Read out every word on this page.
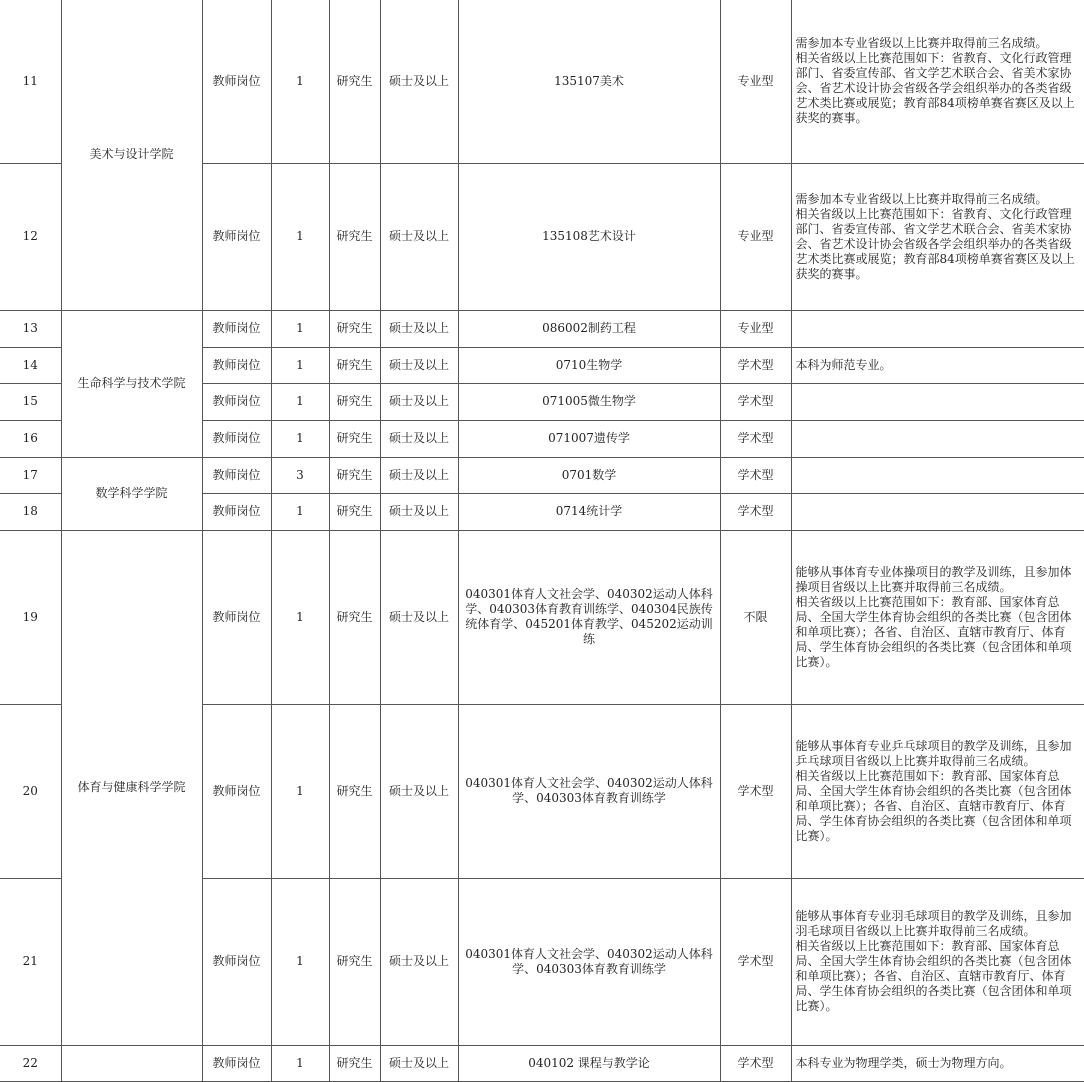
11	美术与设计学院	教师岗位	1	研究生	硕士及以上	135107美术	专业型	需参加本专业省级以上比赛并取得前三名成绩。
相关省级以上比赛范围如下：省教育、文化行政管理部门、省委宣传部、省文学艺术联合会、省美术家协会、省艺术设计协会省级各学会组织举办的各类省级艺术类比赛或展览；教育部84项榜单赛省赛区及以上获奖的赛事。
12		教师岗位	1	研究生	硕士及以上	135108艺术设计	专业型	需参加本专业省级以上比赛并取得前三名成绩。
相关省级以上比赛范围如下：省教育、文化行政管理部门、省委宣传部、省文学艺术联合会、省美术家协会、省艺术设计协会省级各学会组织举办的各类省级艺术类比赛或展览；教育部84项榜单赛省赛区及以上获奖的赛事。
13	生命科学与技术学院	教师岗位	1	研究生	硕士及以上	086002制药工程	专业型	
14		教师岗位	1	研究生	硕士及以上	0710生物学	学术型	本科为师范专业。
15		教师岗位	1	研究生	硕士及以上	071005微生物学	学术型	
16		教师岗位	1	研究生	硕士及以上	071007遗传学	学术型	
17	数学科学学院	教师岗位	3	研究生	硕士及以上	0701数学	学术型	
18		教师岗位	1	研究生	硕士及以上	0714统计学	学术型	
19	体育与健康科学学院	教师岗位	1	研究生	硕士及以上	040301体育人文社会学、040302运动人体科学、040303体育教育训练学、040304民族传统体育学、045201体育教学、045202运动训练	不限	能够从事体育专业体操项目的教学及训练，且参加体操项目省级以上比赛并取得前三名成绩。
相关省级以上比赛范围如下：教育部、国家体育总局、全国大学生体育协会组织的各类比赛（包含团体和单项比赛）；各省、自治区、直辖市教育厅、体育局、学生体育协会组织的各类比赛（包含团体和单项比赛）。
20		教师岗位	1	研究生	硕士及以上	040301体育人文社会学、040302运动人体科学、040303体育教育训练学	学术型	能够从事体育专业乒乓球项目的教学及训练，且参加乒乓球项目省级以上比赛并取得前三名成绩。
相关省级以上比赛范围如下：教育部、国家体育总局、全国大学生体育协会组织的各类比赛（包含团体和单项比赛）；各省、自治区、直辖市教育厅、体育局、学生体育协会组织的各类比赛（包含团体和单项比赛）。
21		教师岗位	1	研究生	硕士及以上	040301体育人文社会学、040302运动人体科学、040303体育教育训练学	学术型	能够从事体育专业羽毛球项目的教学及训练，且参加羽毛球项目省级以上比赛并取得前三名成绩。
相关省级以上比赛范围如下：教育部、国家体育总局、全国大学生体育协会组织的各类比赛（包含团体和单项比赛）；各省、自治区、直辖市教育厅、体育局、学生体育协会组织的各类比赛（包含团体和单项比赛）。
22		教师岗位	1	研究生	硕士及以上	040102 课程与教学论	学术型	本科专业为物理学类，硕士为物理方向。
